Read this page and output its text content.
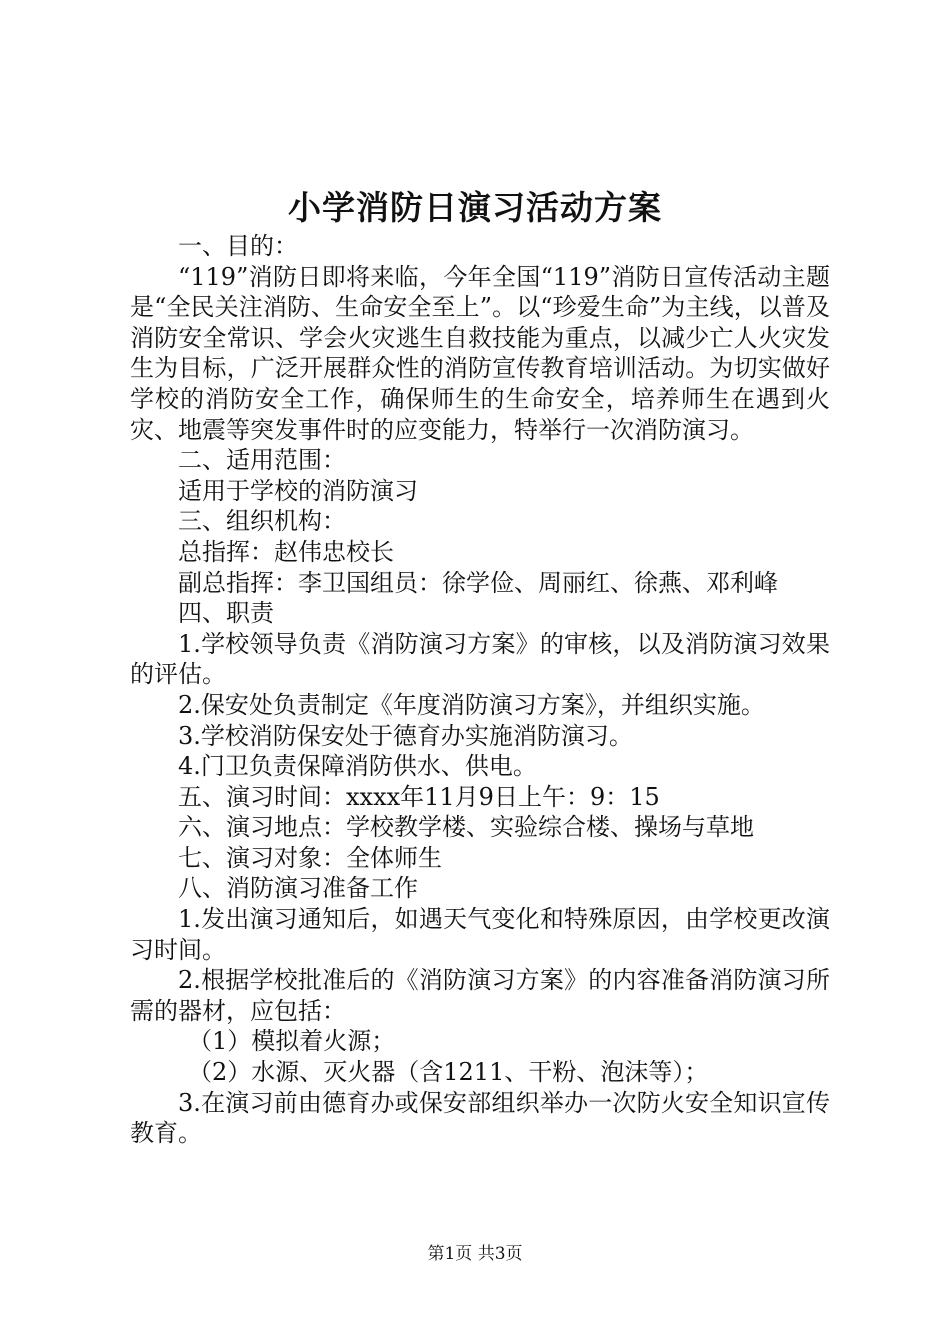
小学消防日演习活动方案

一、目的：

“119”消防日即将来临，今年全国“119”消防日宣传活动主题是“全民关注消防、生命安全至上”。以“珍爱生命”为主线，以普及消防安全常识、学会火灾逃生自救技能为重点，以减少亡人火灾发生为目标，广泛开展群众性的消防宣传教育培训活动。为切实做好学校的消防安全工作，确保师生的生命安全，培养师生在遇到火灾、地震等突发事件时的应变能力，特举行一次消防演习。

二、适用范围：

适用于学校的消防演习

三、组织机构：

总指挥：赵伟忠校长

副总指挥：李卫国组员：徐学俭、周丽红、徐燕、邓利峰

四、职责

1.学校领导负责《消防演习方案》的审核，以及消防演习效果的评估。

2.保安处负责制定《年度消防演习方案》，并组织实施。

3.学校消防保安处于德育办实施消防演习。

4.门卫负责保障消防供水、供电。

五、演习时间：xxxx年11月9日上午：9：15

六、演习地点：学校教学楼、实验综合楼、操场与草地

七、演习对象：全体师生

八、消防演习准备工作

1.发出演习通知后，如遇天气变化和特殊原因，由学校更改演习时间。

2.根据学校批准后的《消防演习方案》的内容准备消防演习所需的器材，应包括：

（1）模拟着火源；

（2）水源、灭火器（含1211、干粉、泡沫等）；

3.在演习前由德育办或保安部组织举办一次防火安全知识宣传教育。

第1页 共3页
